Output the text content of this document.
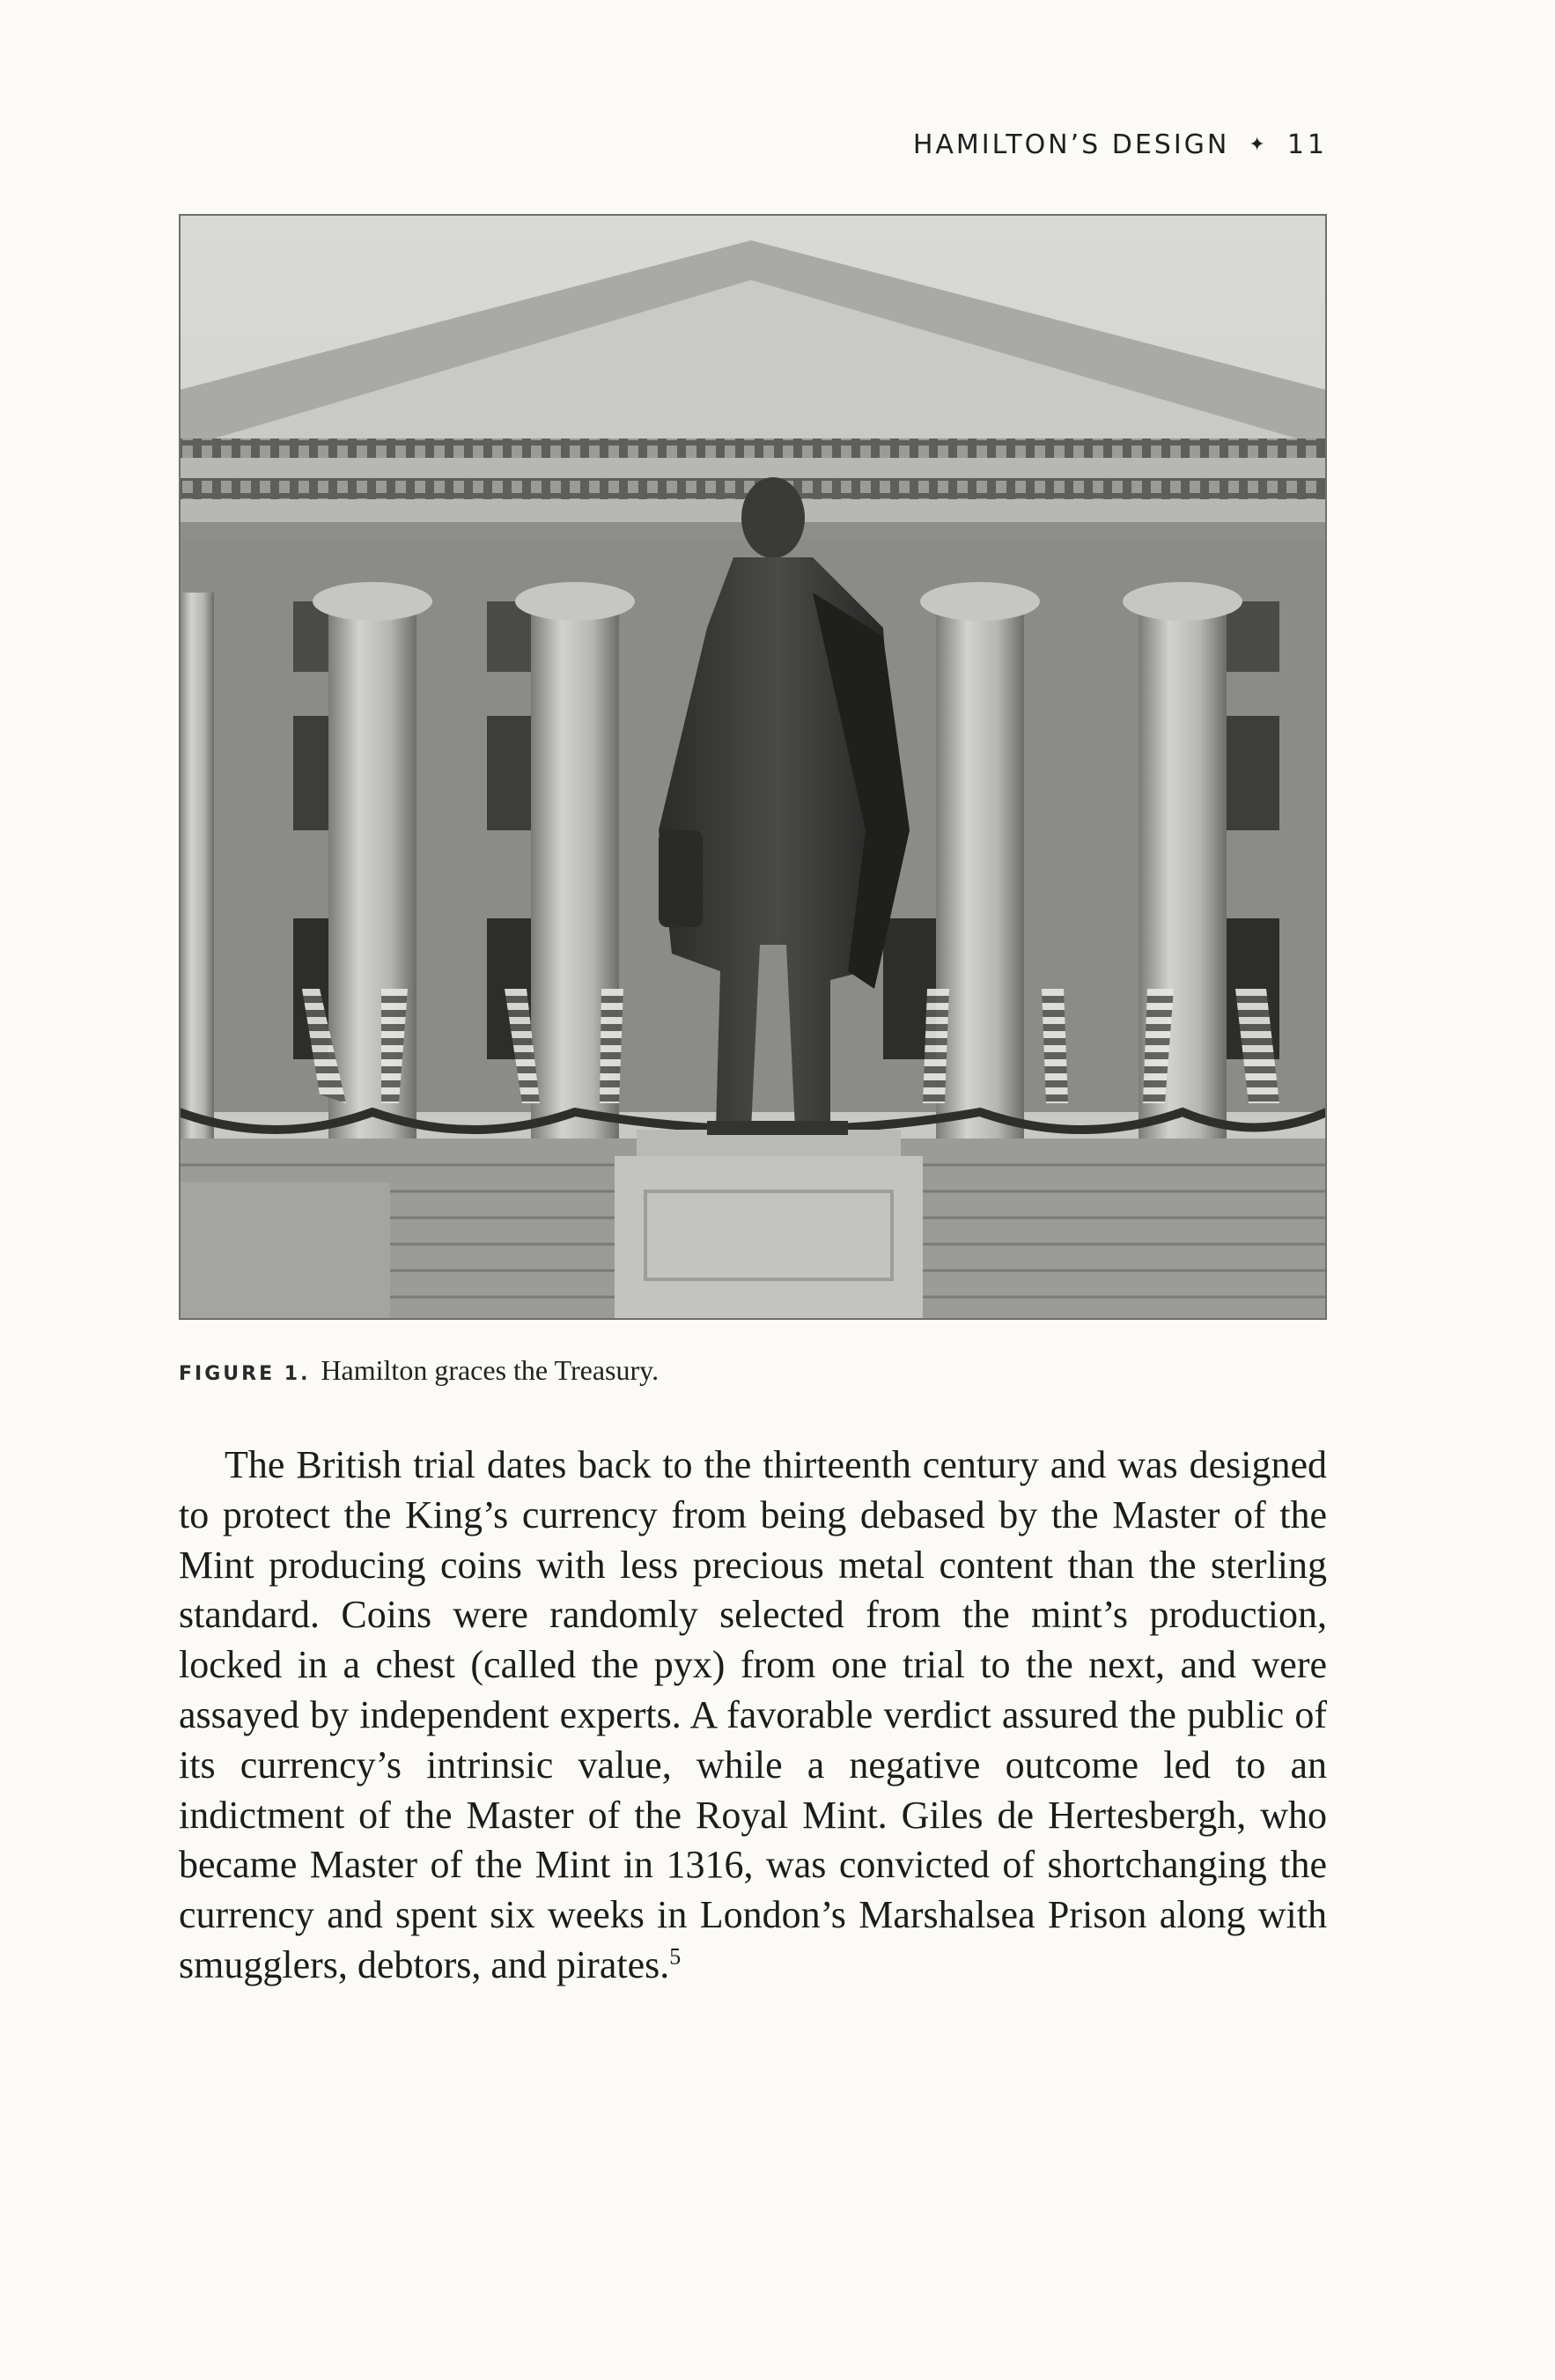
HAMILTON’S DESIGN ✦ 11
FIGURE 1. Hamilton graces the Treasury.

The British trial dates back to the thirteenth century and was designed to protect the King’s currency from being debased by the Master of the Mint producing coins with less precious metal content than the sterling standard. Coins were randomly selected from the mint’s production, locked in a chest (called the pyx) from one trial to the next, and were assayed by independent experts. A favorable verdict assured the public of its currency’s intrinsic value, while a negative outcome led to an indictment of the Master of the Royal Mint. Giles de Hertesbergh, who became Master of the Mint in 1316, was convicted of shortchanging the currency and spent six weeks in London’s Marshalsea Prison along with smugglers, debtors, and pirates.$^5$
